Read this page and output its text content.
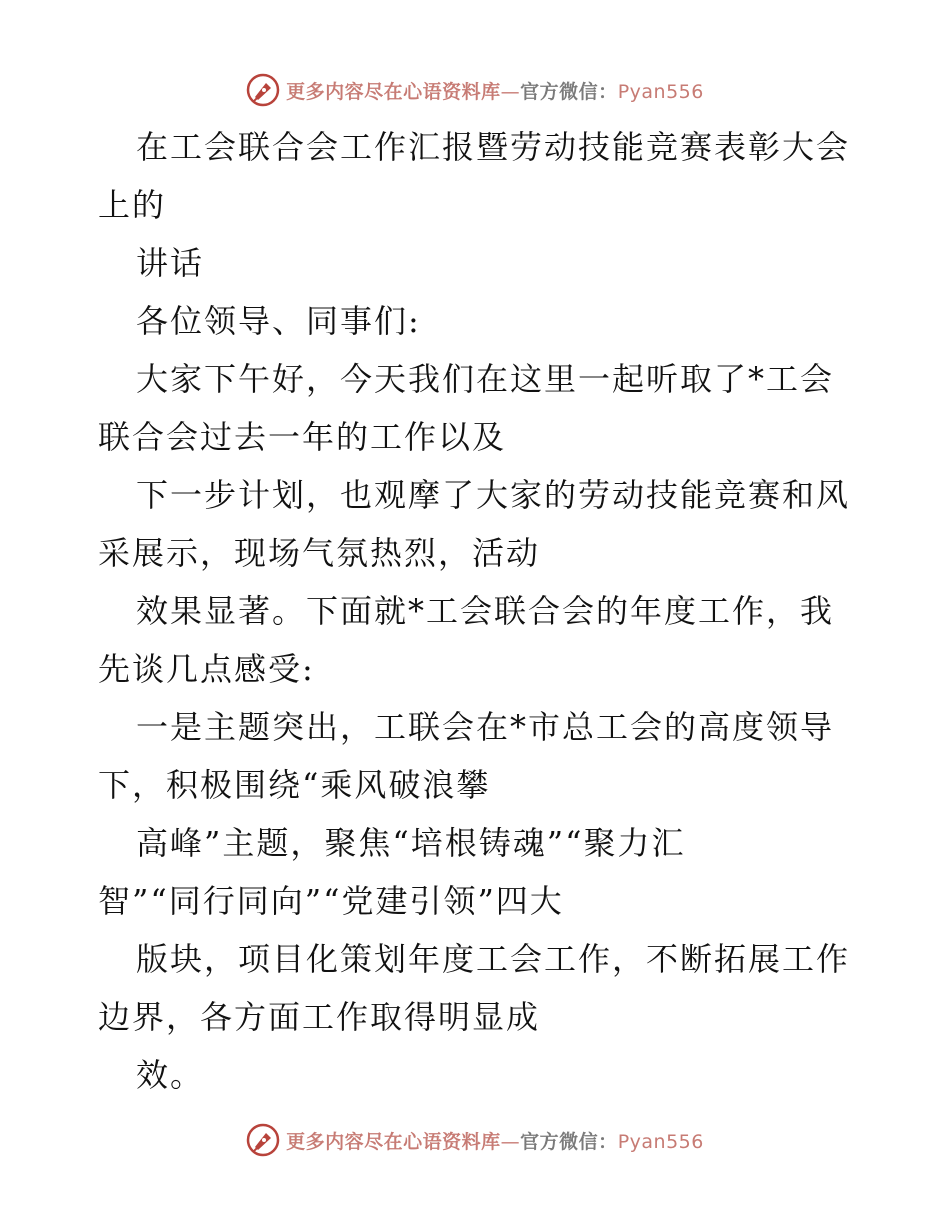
更多内容尽在心语资料库—官方微信：Pyan556
在工会联合会工作汇报暨劳动技能竞赛表彰大会
上的
讲话
各位领导、同事们:
大家下午好，今天我们在这里一起听取了*工会
联合会过去一年的工作以及
下一步计划，也观摩了大家的劳动技能竞赛和风
采展示，现场气氛热烈，活动
效果显著。下面就*工会联合会的年度工作，我
先谈几点感受:
一是主题突出，工联会在*市总工会的高度领导
下，积极围绕“乘风破浪攀
高峰”主题，聚焦“培根铸魂”“聚力汇
智”“同行同向”“党建引领”四大
版块，项目化策划年度工会工作，不断拓展工作
边界，各方面工作取得明显成
效。
更多内容尽在心语资料库—官方微信：Pyan556
